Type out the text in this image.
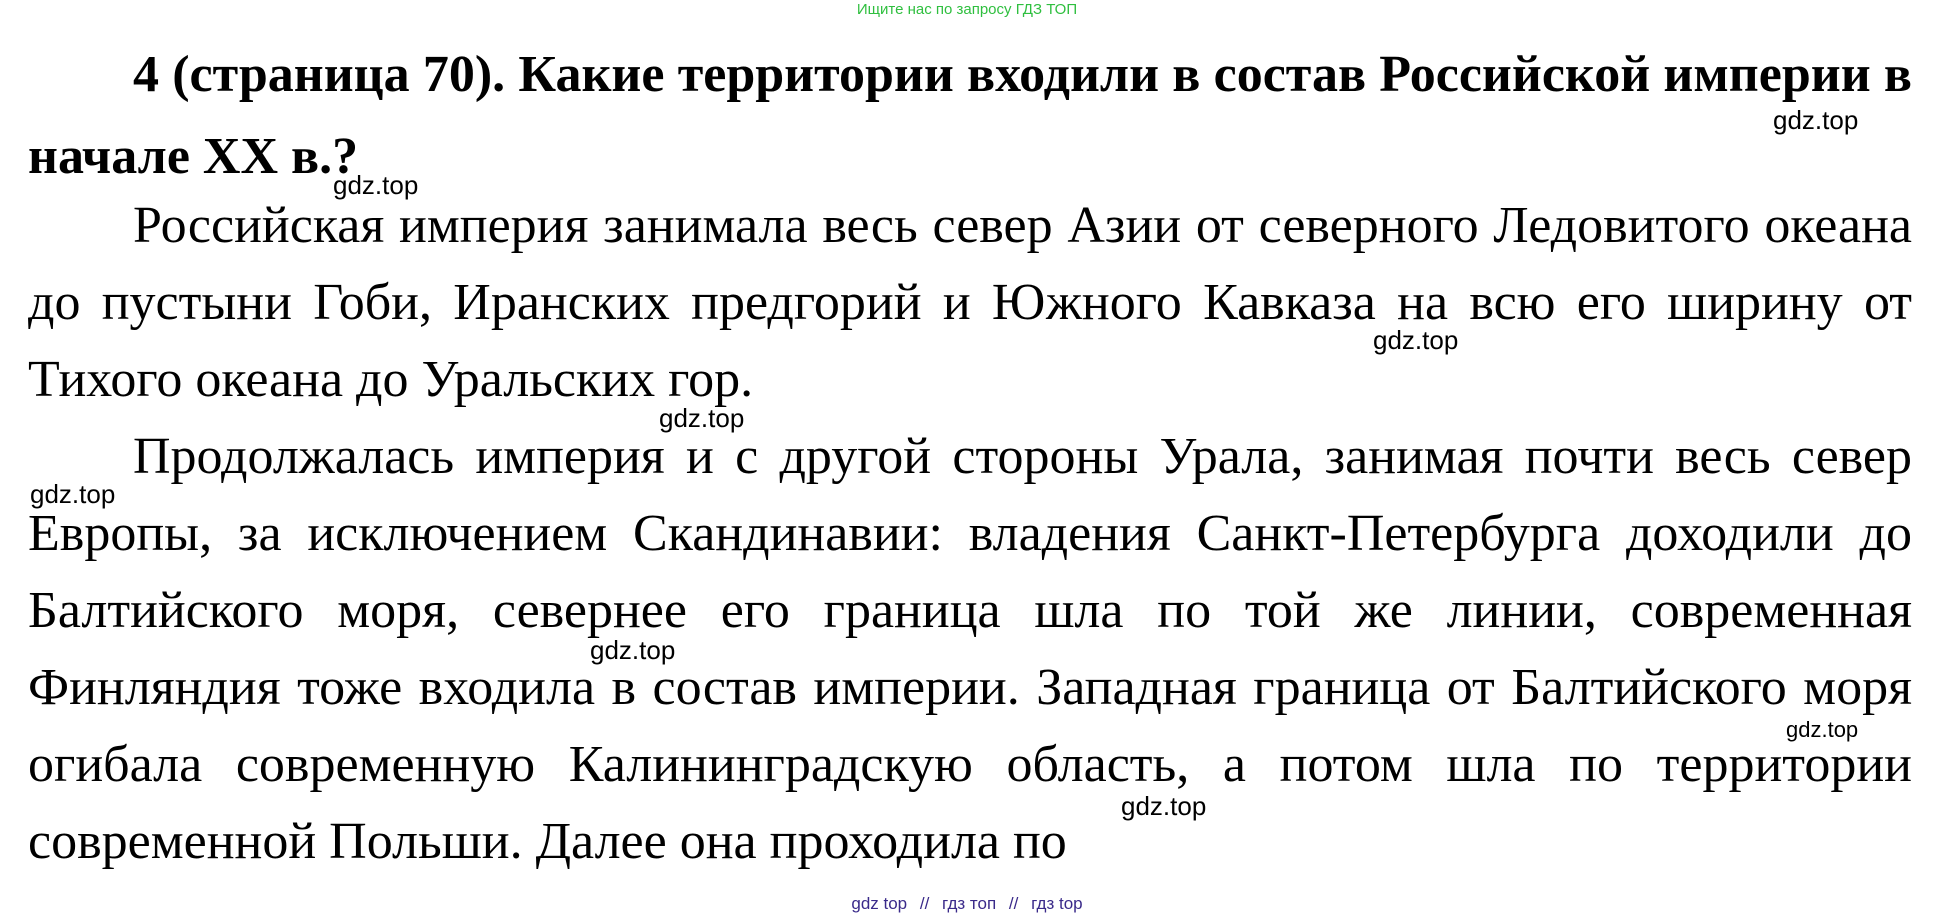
Ищите нас по запросу ГДЗ ТОП
4 (страница 70). Какие территории входили в состав Российской империи в начале XX в.?
Российская империя занимала весь север Азии от северного Ледовитого океана до пустыни Гоби, Иранских предгорий и Южного Кавказа на всю его ширину от Тихого океана до Уральских гор.
Продолжалась империя и с другой стороны Урала, занимая почти весь север Европы, за исключением Скандинавии: владения Санкт-Петербурга доходили до Балтийского моря, севернее его граница шла по той же линии, современная Финляндия тоже входила в состав империи. Западная граница от Балтийского моря огибала современную Калининградскую область, а потом шла по территории современной Польши. Далее она проходила по
gdz.top
gdz.top
gdz.top
gdz.top
gdz.top
gdz.top
gdz.top
gdz.top
gdz top // гдз топ // гдз top
